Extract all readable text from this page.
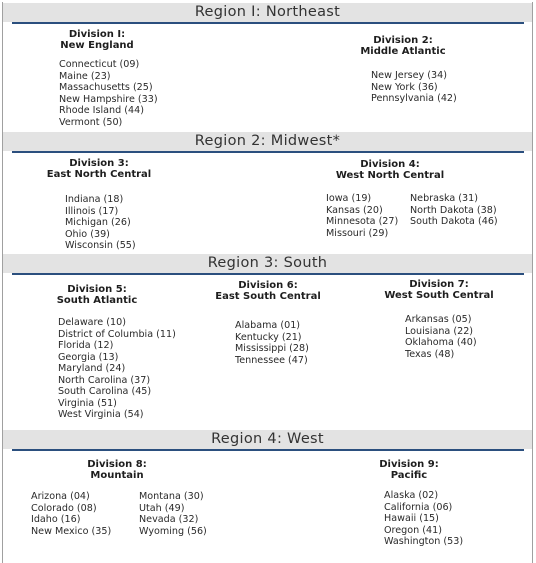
Region I: Northeast
Division I:
New England
Connecticut (09)
Maine (23)
Massachusetts (25)
New Hampshire (33)
Rhode Island (44)
Vermont (50)
Division 2:
Middle Atlantic
New Jersey (34)
New York (36)
Pennsylvania (42)
Region 2: Midwest*
Division 3:
East North Central
Indiana (18)
Illinois (17)
Michigan (26)
Ohio (39)
Wisconsin (55)
Division 4:
West North Central
Iowa (19)
Kansas (20)
Minnesota (27)
Missouri (29)
Nebraska (31)
North Dakota (38)
South Dakota (46)
Region 3: South
Division 5:
South Atlantic
Delaware (10)
District of Columbia (11)
Florida (12)
Georgia (13)
Maryland (24)
North Carolina (37)
South Carolina (45)
Virginia (51)
West Virginia (54)
Division 6:
East South Central
Alabama (01)
Kentucky (21)
Mississippi (28)
Tennessee (47)
Division 7:
West South Central
Arkansas (05)
Louisiana (22)
Oklahoma (40)
Texas (48)
Region 4: West
Division 8:
Mountain
Arizona (04)
Colorado (08)
Idaho (16)
New Mexico (35)
Montana (30)
Utah (49)
Nevada (32)
Wyoming (56)
Division 9:
Pacific
Alaska (02)
California (06)
Hawaii (15)
Oregon (41)
Washington (53)
